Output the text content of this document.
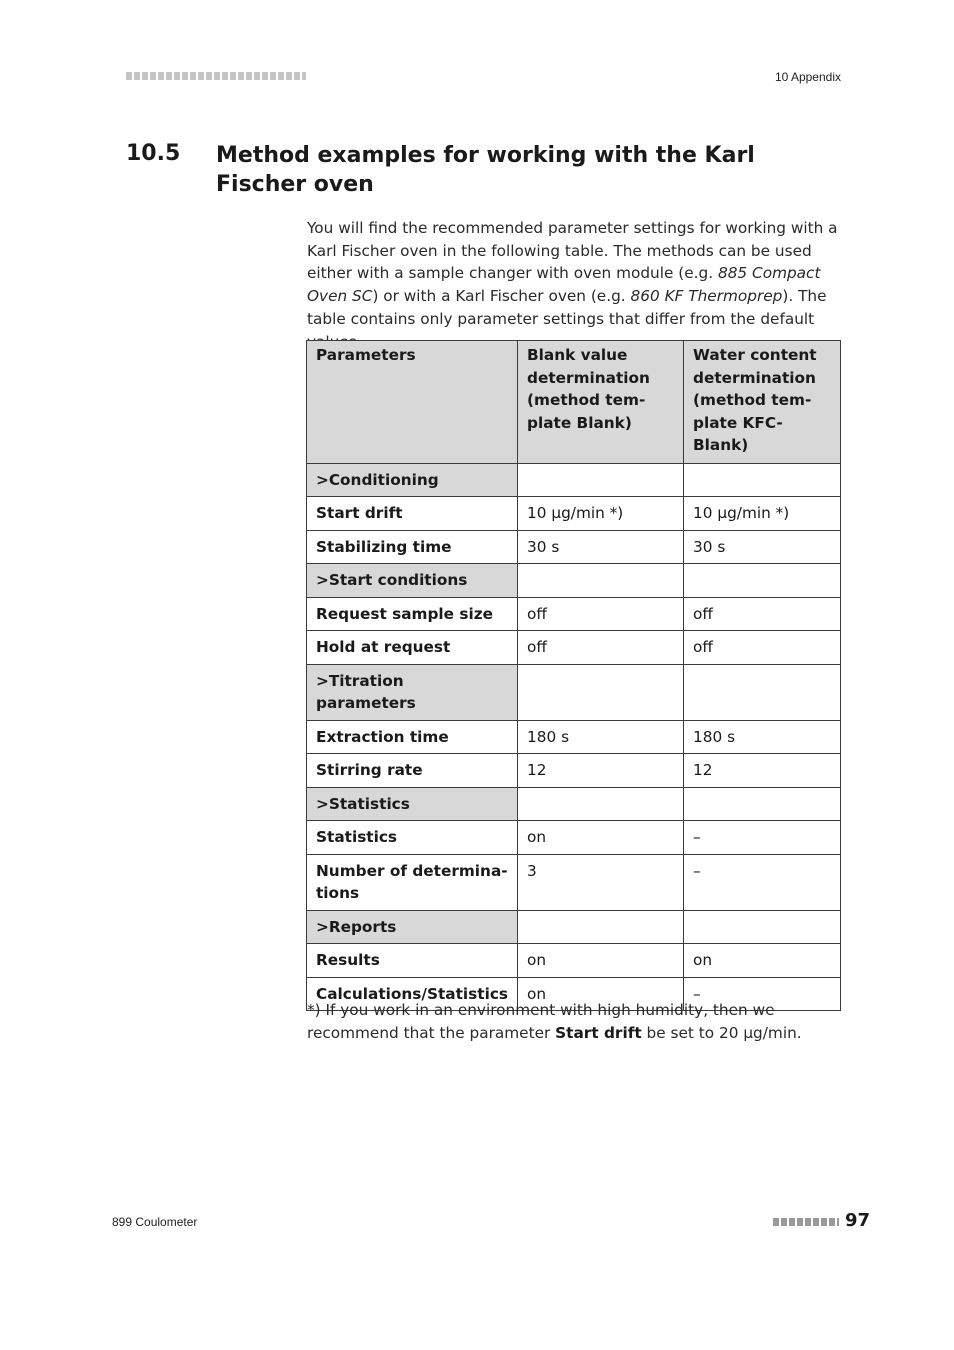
10 Appendix
10.5 Method examples for working with the Karl Fischer oven

You will find the recommended parameter settings for working with a Karl Fischer oven in the following table. The methods can be used either with a sample changer with oven module (e.g. 885 Compact Oven SC) or with a Karl Fischer oven (e.g. 860 KF Thermoprep). The table contains only parameter settings that differ from the default

Parameters	Blank value determination (method template Blank)	Water content determination (method template KFC-Blank)
>Conditioning		
Start drift	10 µg/min *)	10 µg/min *)
Stabilizing time	30 s	30 s
>Start conditions		
Request sample size	off	off
Hold at request	off	off
>Titration parameters		
Extraction time	180 s	180 s
Stirring rate	12	12
>Statistics		
Statistics	on	–
Number of determinations	3	–
>Reports		
Results	on	on
Calculations/Statistics	on	–

*) If you work in an environment with high humidity, then we recommend that the parameter Start drift be set to 20 µg/min.

899 Coulometer	97
